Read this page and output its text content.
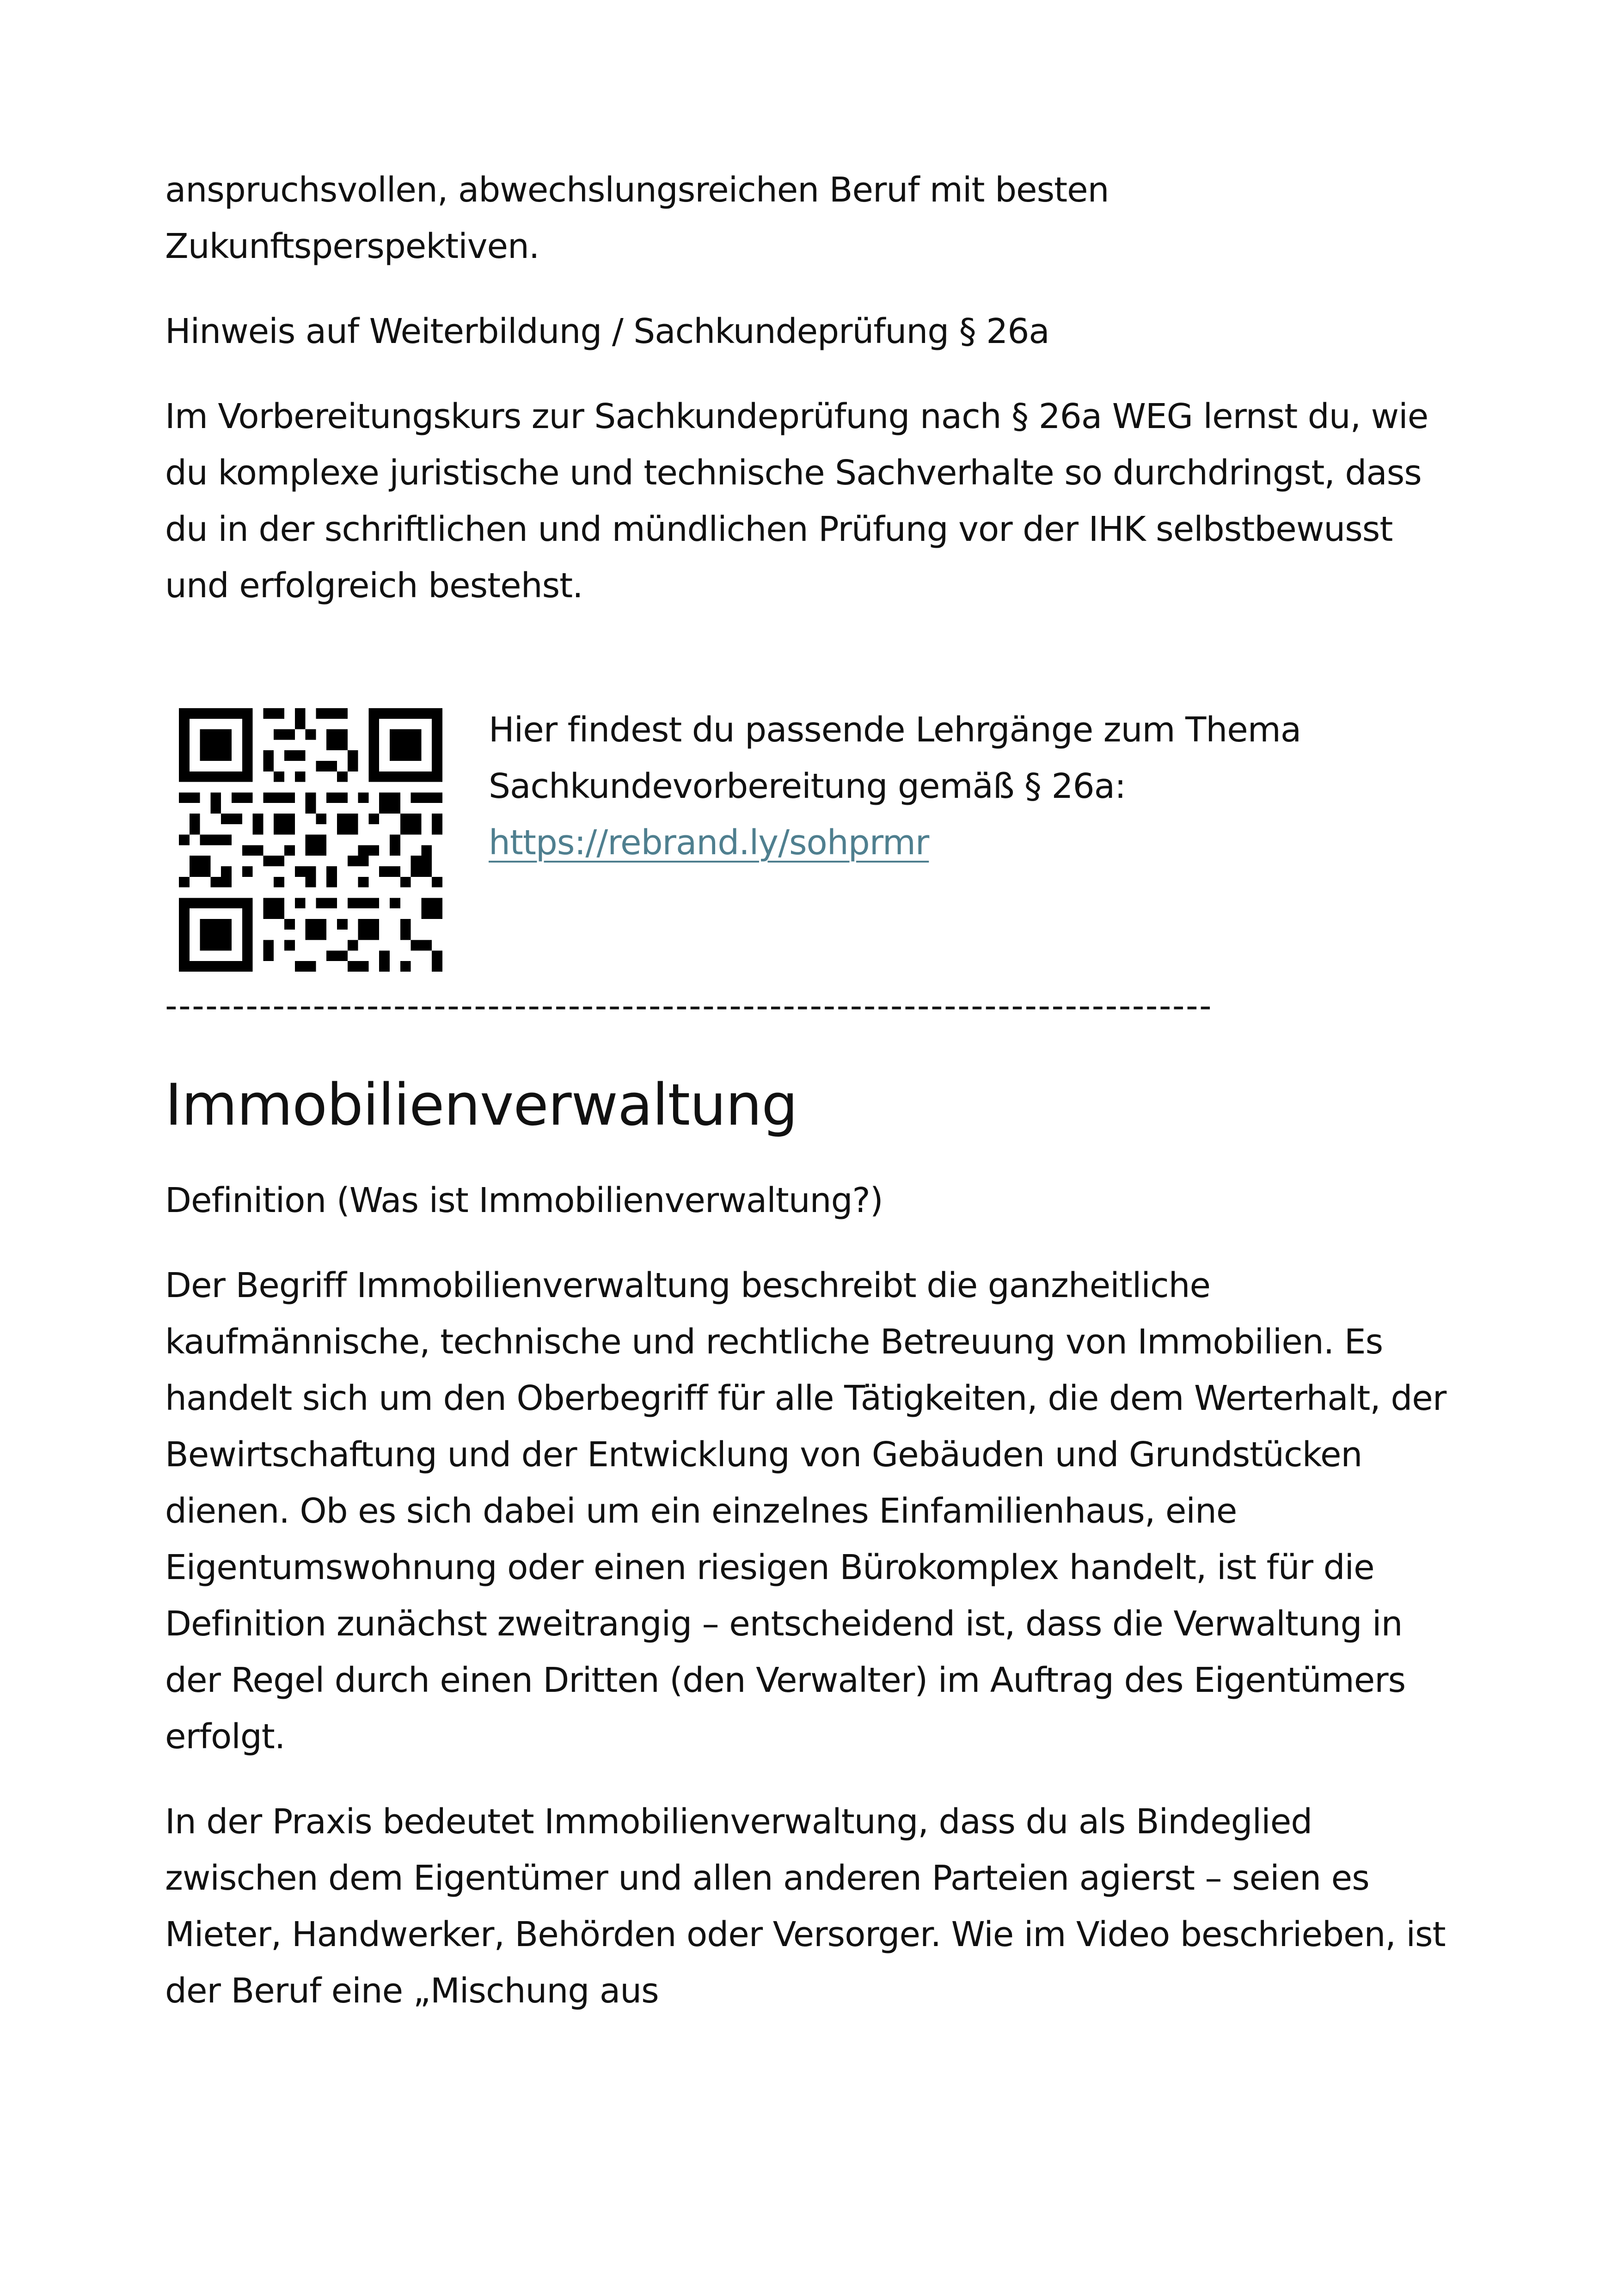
anspruchsvollen, abwechslungsreichen Beruf mit besten Zukunftsperspektiven.

Hinweis auf Weiterbildung / Sachkundeprüfung § 26a

Im Vorbereitungskurs zur Sachkundeprüfung nach § 26a WEG lernst du, wie du komplexe juristische und technische Sachverhalte so durchdringst, dass du in der schriftlichen und mündlichen Prüfung vor der IHK selbstbewusst und erfolgreich bestehst.

Hier findest du passende Lehrgänge zum Thema

Sachkundevorbereitung gemäß § 26a:

https://rebrand.ly/sohprmr

------------------------------------------------------------------------------
Immobilienverwaltung

Definition (Was ist Immobilienverwaltung?)

Der Begriff Immobilienverwaltung beschreibt die ganzheitliche kaufmännische, technische und rechtliche Betreuung von Immobilien. Es handelt sich um den Oberbegriff für alle Tätigkeiten, die dem Werterhalt, der Bewirtschaftung und der Entwicklung von Gebäuden und Grundstücken dienen. Ob es sich dabei um ein einzelnes Einfamilienhaus, eine Eigentumswohnung oder einen riesigen Bürokomplex handelt, ist für die Definition zunächst zweitrangig – entscheidend ist, dass die Verwaltung in der Regel durch einen Dritten (den Verwalter) im Auftrag des Eigentümers erfolgt.

In der Praxis bedeutet Immobilienverwaltung, dass du als Bindeglied zwischen dem Eigentümer und allen anderen Parteien agierst – seien es Mieter, Handwerker, Behörden oder Versorger. Wie im Video beschrieben, ist der Beruf eine „Mischung aus
